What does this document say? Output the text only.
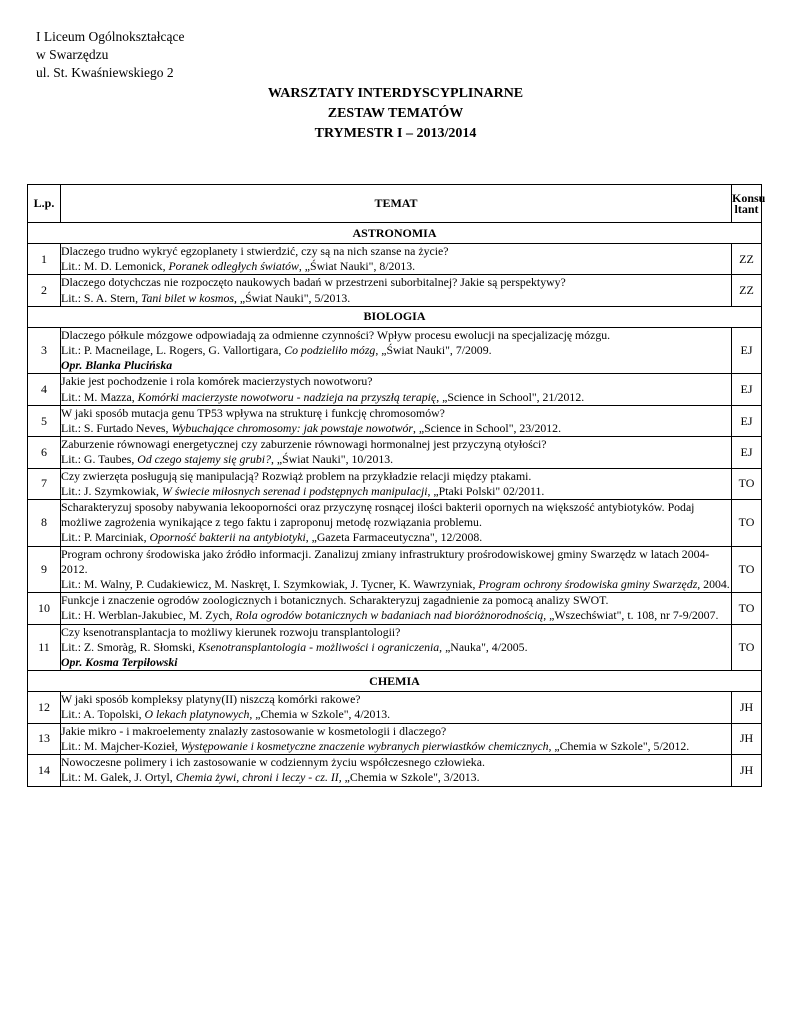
I Liceum Ogólnokształcące
w Swarzędzu
ul. St. Kwaśniewskiego 2
WARSZTATY INTERDYSCYPLINARNE
ZESTAW TEMATÓW
TRYMESTR I – 2013/2014
L.p.	TEMAT	Konsu
ltant
ASTRONOMIA		
1	Dlaczego trudno wykryć egzoplanety i stwierdzić, czy są na nich szanse na życie?
Lit.: M. D. Lemonick, Poranek odległych światów, „Świat Nauki", 8/2013.	ZZ
2	Dlaczego dotychczas nie rozpoczęto naukowych badań w przestrzeni suborbitalnej? Jakie są perspektywy?
Lit.: S. A. Stern, Tani bilet w kosmos, „Świat Nauki", 5/2013.	ZZ
BIOLOGIA		
3	Dlaczego półkule mózgowe odpowiadają za odmienne czynności? Wpływ procesu ewolucji na specjalizację mózgu.
Lit.: P. Macneilage, L. Rogers, G. Vallortigara, Co podzieliło mózg, „Świat Nauki", 7/2009.
Opr. Blanka Plucińska	EJ
4	Jakie jest pochodzenie i rola komórek macierzystych nowotworu?
Lit.: M. Mazza, Komórki macierzyste nowotworu - nadzieja na przyszłą terapię, „Science in School", 21/2012.	EJ
5	W jaki sposób mutacja genu TP53 wpływa na strukturę i funkcję chromosomów?
Lit.: S. Furtado Neves, Wybuchające chromosomy: jak powstaje nowotwór, „Science in School", 23/2012.	EJ
6	Zaburzenie równowagi energetycznej czy zaburzenie równowagi hormonalnej jest przyczyną otyłości?
Lit.: G. Taubes, Od czego stajemy się grubi?, „Świat Nauki", 10/2013.	EJ
7	Czy zwierzęta posługują się manipulacją? Rozwiąż problem na przykładzie relacji między ptakami.
Lit.: J. Szymkowiak, W świecie miłosnych serenad i podstępnych manipulacji, „Ptaki Polski" 02/2011.	TO
8	Scharakteryzuj sposoby nabywania lekooporności oraz przyczynę rosnącej ilości bakterii opornych na większość antybiotyków. Podaj możliwe zagrożenia wynikające z tego faktu i zaproponuj metodę rozwiązania problemu.
Lit.: P. Marciniak, Oporność bakterii na antybiotyki, „Gazeta Farmaceutyczna", 12/2008.	TO
9	Program ochrony środowiska jako źródło informacji. Zanalizuj zmiany infrastruktury prośrodowiskowej gminy Swarzędz w latach 2004-2012.
Lit.: M. Walny, P. Cudakiewicz, M. Naskręt, I. Szymkowiak, J. Tycner, K. Wawrzyniak, Program ochrony środowiska gminy Swarzędz, 2004.	TO
10	Funkcje i znaczenie ogrodów zoologicznych i botanicznych. Scharakteryzuj zagadnienie za pomocą analizy SWOT.
Lit.: H. Werblan-Jakubiec, M. Zych, Rola ogrodów botanicznych w badaniach nad bioróżnorodnością, „Wszechświat", t. 108, nr 7-9/2007.	TO
11	Czy ksenotransplantacja to możliwy kierunek rozwoju transplantologii?
Lit.: Z. Smoràg, R. Słomski, Ksenotransplantologia - możliwości i ograniczenia, „Nauka", 4/2005.
Opr. Kosma Terpiłowski	TO
CHEMIA		
12	W jaki sposób kompleksy platyny(II) niszczą komórki rakowe?
Lit.: A. Topolski, O lekach platynowych, „Chemia w Szkole", 4/2013.	JH
13	Jakie mikro - i makroelementy znalazły zastosowanie w kosmetologii i dlaczego?
Lit.: M. Majcher-Kozieł, Występowanie i kosmetyczne znaczenie wybranych pierwiastków chemicznych, „Chemia w Szkole", 5/2012.	JH
14	Nowoczesne polimery i ich zastosowanie w codziennym życiu współczesnego człowieka.
Lit.: M. Galek, J. Ortyl, Chemia żywi, chroni i leczy - cz. II, „Chemia w Szkole", 3/2013.	JH
